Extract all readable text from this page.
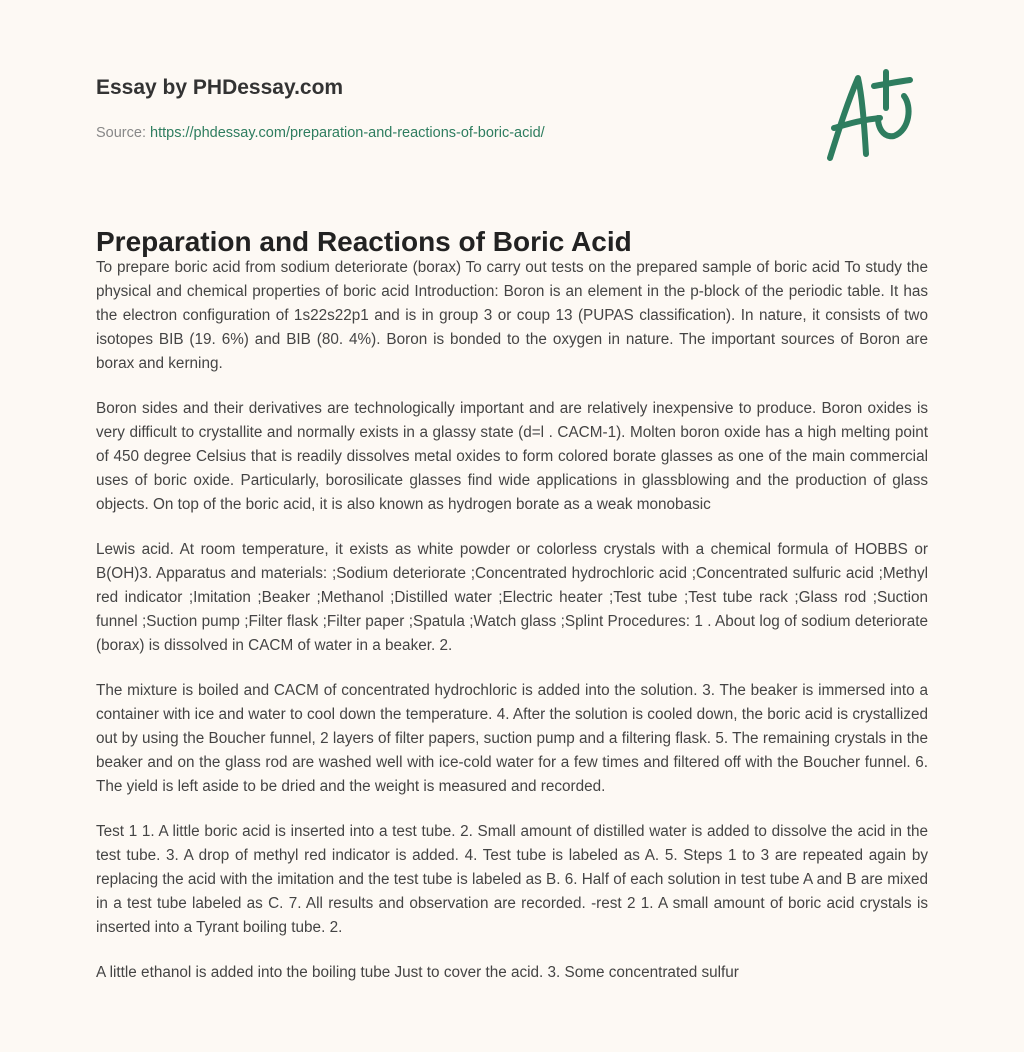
Essay by PHDessay.com
Source: https://phdessay.com/preparation-and-reactions-of-boric-acid/
Preparation and Reactions of Boric Acid

To prepare boric acid from sodium deteriorate (borax) To carry out tests on the prepared sample of boric acid To study the physical and chemical properties of boric acid Introduction: Boron is an element in the p-block of the periodic table. It has the electron configuration of 1s22s22p1 and is in group 3 or coup 13 (PUPAS classification). In nature, it consists of two isotopes BIB (19. 6%) and BIB (80. 4%). Boron is bonded to the oxygen in nature. The important sources of Boron are borax and kerning.

Boron sides and their derivatives are technologically important and are relatively inexpensive to produce. Boron oxides is very difficult to crystallite and normally exists in a glassy state (d=l . CACM-1). Molten boron oxide has a high melting point of 450 degree Celsius that is readily dissolves metal oxides to form colored borate glasses as one of the main commercial uses of boric oxide. Particularly, borosilicate glasses find wide applications in glassblowing and the production of glass objects. On top of the boric acid, it is also known as hydrogen borate as a weak monobasic

Lewis acid. At room temperature, it exists as white powder or colorless crystals with a chemical formula of HOBBS or B(OH)3. Apparatus and materials: ;Sodium deteriorate ;Concentrated hydrochloric acid ;Concentrated sulfuric acid ;Methyl red indicator ;Imitation ;Beaker ;Methanol ;Distilled water ;Electric heater ;Test tube ;Test tube rack ;Glass rod ;Suction funnel ;Suction pump ;Filter flask ;Filter paper ;Spatula ;Watch glass ;Splint Procedures: 1 . About log of sodium deteriorate (borax) is dissolved in CACM of water in a beaker. 2.

The mixture is boiled and CACM of concentrated hydrochloric is added into the solution. 3. The beaker is immersed into a container with ice and water to cool down the temperature. 4. After the solution is cooled down, the boric acid is crystallized out by using the Boucher funnel, 2 layers of filter papers, suction pump and a filtering flask. 5. The remaining crystals in the beaker and on the glass rod are washed well with ice-cold water for a few times and filtered off with the Boucher funnel. 6. The yield is left aside to be dried and the weight is measured and recorded.

Test 1 1. A little boric acid is inserted into a test tube. 2. Small amount of distilled water is added to dissolve the acid in the test tube. 3. A drop of methyl red indicator is added. 4. Test tube is labeled as A. 5. Steps 1 to 3 are repeated again by replacing the acid with the imitation and the test tube is labeled as B. 6. Half of each solution in test tube A and B are mixed in a test tube labeled as C. 7. All results and observation are recorded. -rest 2 1. A small amount of boric acid crystals is inserted into a Tyrant boiling tube. 2.

A little ethanol is added into the boiling tube Just to cover the acid. 3. Some concentrated sulfur
